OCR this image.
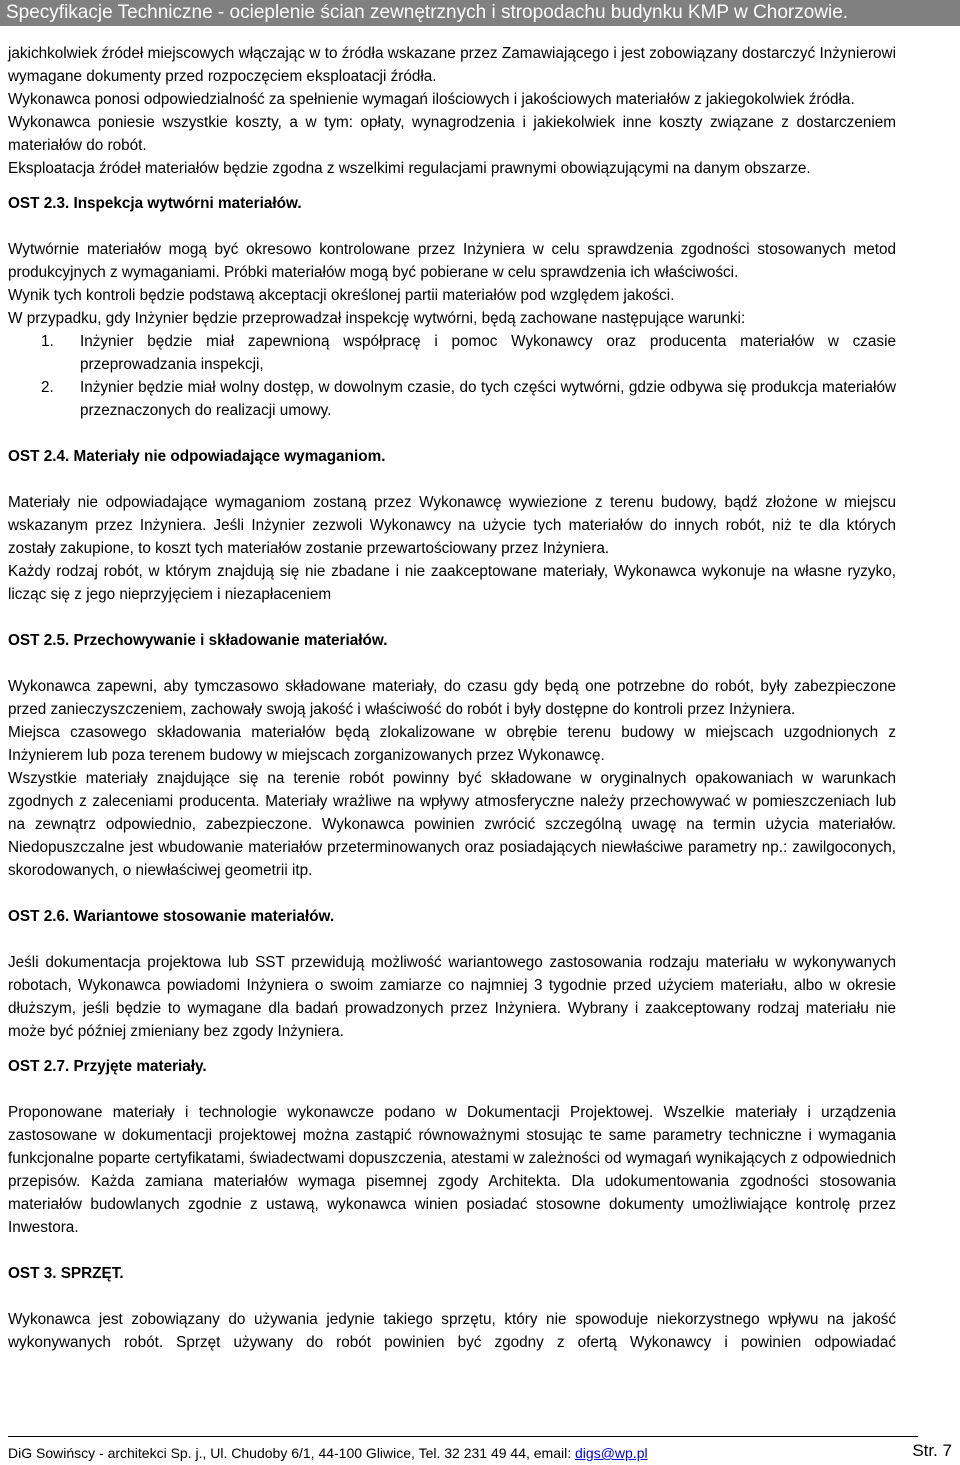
Specyfikacje Techniczne - ocieplenie ścian zewnętrznych i stropodachu budynku KMP w Chorzowie.

jakichkolwiek źródeł miejscowych włączając w to źródła wskazane przez Zamawiającego i jest zobowiązany dostarczyć Inżynierowi wymagane dokumenty przed rozpoczęciem eksploatacji źródła.

Wykonawca ponosi odpowiedzialność za spełnienie wymagań ilościowych i jakościowych materiałów z jakiegokolwiek źródła.

Wykonawca poniesie wszystkie koszty, a w tym: opłaty, wynagrodzenia i jakiekolwiek inne koszty związane z dostarczeniem materiałów do robót.

Eksploatacja źródeł materiałów będzie zgodna z wszelkimi regulacjami prawnymi obowiązującymi na danym obszarze.

OST 2.3. Inspekcja wytwórni materiałów.

Wytwórnie materiałów mogą być okresowo kontrolowane przez Inżyniera w celu sprawdzenia zgodności stosowanych metod produkcyjnych z wymaganiami. Próbki materiałów mogą być pobierane w celu sprawdzenia ich właściwości.

Wynik tych kontroli będzie podstawą akceptacji określonej partii materiałów pod względem jakości.

W przypadku, gdy Inżynier będzie przeprowadzał inspekcję wytwórni, będą zachowane następujące warunki:

1. Inżynier będzie miał zapewnioną współpracę i pomoc Wykonawcy oraz producenta materiałów w czasie przeprowadzania inspekcji,
2. Inżynier będzie miał wolny dostęp, w dowolnym czasie, do tych części wytwórni, gdzie odbywa się produkcja materiałów przeznaczonych do realizacji umowy.
OST 2.4. Materiały nie odpowiadające wymaganiom.

Materiały nie odpowiadające wymaganiom zostaną przez Wykonawcę wywiezione z terenu budowy, bądź złożone w miejscu wskazanym przez Inżyniera. Jeśli Inżynier zezwoli Wykonawcy na użycie tych materiałów do innych robót, niż te dla których zostały zakupione, to koszt tych materiałów zostanie przewartościowany przez Inżyniera.

Każdy rodzaj robót, w którym znajdują się nie zbadane i nie zaakceptowane materiały, Wykonawca wykonuje na własne ryzyko, licząc się z jego nieprzyjęciem i niezapłaceniem

OST 2.5. Przechowywanie i składowanie materiałów.

Wykonawca zapewni, aby tymczasowo składowane materiały, do czasu gdy będą one potrzebne do robót, były zabezpieczone przed zanieczyszczeniem, zachowały swoją jakość i właściwość do robót i były dostępne do kontroli przez Inżyniera.

Miejsca czasowego składowania materiałów będą zlokalizowane w obrębie terenu budowy w miejscach uzgodnionych z Inżynierem lub poza terenem budowy w miejscach zorganizowanych przez Wykonawcę.

Wszystkie materiały znajdujące się na terenie robót powinny być składowane w oryginalnych opakowaniach w warunkach zgodnych z zaleceniami producenta. Materiały wrażliwe na wpływy atmosferyczne należy przechowywać w pomieszczeniach lub na zewnątrz odpowiednio, zabezpieczone. Wykonawca powinien zwrócić szczególną uwagę na termin użycia materiałów. Niedopuszczalne jest wbudowanie materiałów przeterminowanych oraz posiadających niewłaściwe parametry np.: zawilgoconych, skorodowanych, o niewłaściwej geometrii itp.

OST 2.6. Wariantowe stosowanie materiałów.

Jeśli dokumentacja projektowa lub SST przewidują możliwość wariantowego zastosowania rodzaju materiału w wykonywanych robotach, Wykonawca powiadomi Inżyniera o swoim zamiarze co najmniej 3 tygodnie przed użyciem materiału, albo w okresie dłuższym, jeśli będzie to wymagane dla badań prowadzonych przez Inżyniera. Wybrany i zaakceptowany rodzaj materiału nie może być później zmieniany bez zgody Inżyniera.

OST 2.7. Przyjęte materiały.

Proponowane materiały i technologie wykonawcze podano w Dokumentacji Projektowej. Wszelkie materiały i urządzenia zastosowane w dokumentacji projektowej można zastąpić równoważnymi stosując te same parametry techniczne i wymagania funkcjonalne poparte certyfikatami, świadectwami dopuszczenia, atestami w zależności od wymagań wynikających z odpowiednich przepisów. Każda zamiana materiałów wymaga pisemnej zgody Architekta. Dla udokumentowania zgodności stosowania materiałów budowlanych zgodnie z ustawą, wykonawca winien posiadać stosowne dokumenty umożliwiające kontrolę przez Inwestora.

OST 3. SPRZĘT.

Wykonawca jest zobowiązany do używania jedynie takiego sprzętu, który nie spowoduje niekorzystnego wpływu na jakość wykonywanych robót. Sprzęt używany do robót powinien być zgodny z ofertą Wykonawcy i powinien odpowiadać

DiG Sowińscy - architekci Sp. j., Ul. Chudoby 6/1, 44-100 Gliwice, Tel. 32 231 49 44, email: digs@wp.pl	Str. 7
